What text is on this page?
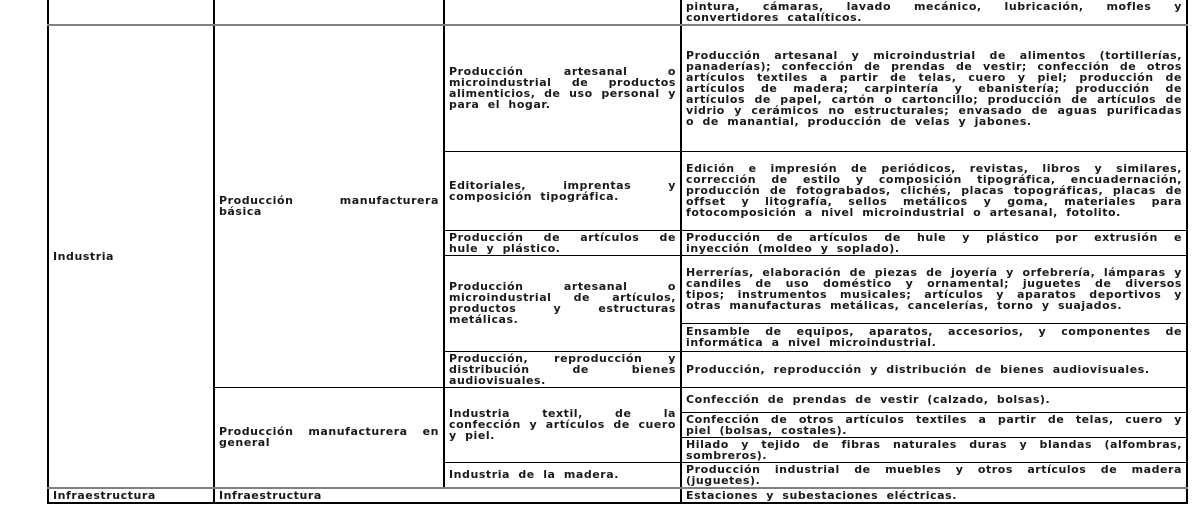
			pintura, cámaras, lavado mecánico, lubricación, mofles y convertidores catalíticos.
Industria	Producción manufacturera básica	Producción artesanal o microindustrial de productos alimenticios, de uso personal y para el hogar.	Producción artesanal y microindustrial de alimentos (tortillerías, panaderías); confección de prendas de vestir; confección de otros artículos textiles a partir de telas, cuero y piel; producción de artículos de madera; carpintería y ebanistería; producción de artículos de papel, cartón o cartoncillo; producción de artículos de vidrio y cerámicos no estructurales; envasado de aguas purificadas o de manantial, producción de velas y jabones.
		Editoriales, imprentas y composición tipográfica.	Edición e impresión de periódicos, revistas, libros y similares, corrección de estilo y composición tipográfica, encuadernación, producción de fotograbados, clichés, placas topográficas, placas de offset y litografía, sellos metálicos y goma, materiales para fotocomposición a nivel microindustrial o artesanal, fotolito.
		Producción de artículos de hule y plástico.	Producción de artículos de hule y plástico por extrusión e inyección (moldeo y soplado).
		Producción artesanal o microindustrial de artículos, productos y estructuras metálicas.	Herrerías, elaboración de piezas de joyería y orfebrería, lámparas y candiles de uso doméstico y ornamental; juguetes de diversos tipos; instrumentos musicales; artículos y aparatos deportivos y otras manufacturas metálicas, cancelerías, torno y suajados.
			Ensamble de equipos, aparatos, accesorios, y componentes de informática a nivel microindustrial.
		Producción, reproducción y distribución de bienes audiovisuales.	Producción, reproducción y distribución de bienes audiovisuales.
	Producción manufacturera en general	Industria textil, de la confección y artículos de cuero y piel.	Confección de prendas de vestir (calzado, bolsas).
			Confección de otros artículos textiles a partir de telas, cuero y piel (bolsas, costales).
			Hilado y tejido de fibras naturales duras y blandas (alfombras, sombreros).
		Industria de la madera.	Producción industrial de muebles y otros artículos de madera (juguetes).
Infraestructura	Infraestructura		Estaciones y subestaciones eléctricas.
